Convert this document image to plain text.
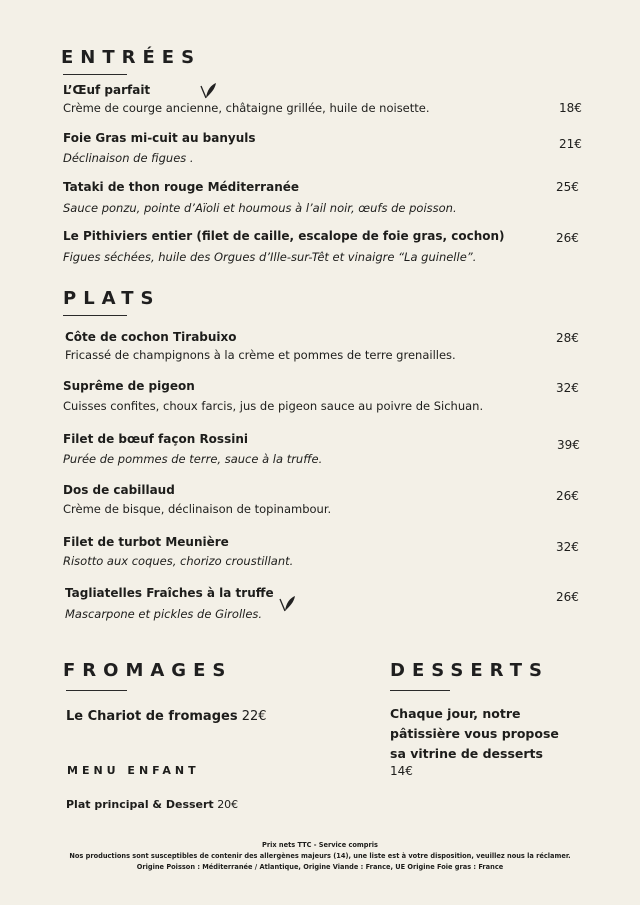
ENTRÉES
L’Œuf parfait
Crème de courge ancienne, châtaigne grillée, huile de noisette.	18€
Foie Gras mi-cuit au banyuls
Déclinaison de figues .
21€
Tataki de thon rouge Méditerranée
Sauce ponzu, pointe d’Aïoli et houmous à l’ail noir, œufs de poisson.
25€
Le Pithiviers entier (filet de caille, escalope de foie gras, cochon)
Figues séchées, huile des Orgues d’Ille-sur-Têt et vinaigre “La guinelle”.
26€
PLATS
Côte de cochon Tirabuixo
Fricassé de champignons à la crème et pommes de terre grenailles.
28€
Suprême de pigeon
Cuisses confites, choux farcis, jus de pigeon sauce au poivre de Sichuan.
32€
Filet de bœuf façon Rossini
Purée de pommes de terre, sauce à la truffe.
39€
Dos de cabillaud
Crème de bisque, déclinaison de topinambour.
26€
Filet de turbot Meunière
Risotto aux coques, chorizo croustillant.
32€
Tagliatelles Fraîches à la truffe
Mascarpone et pickles de Girolles.
26€
FROMAGES
Le Chariot de fromages 22€
MENU ENFANT
Plat principal & Dessert 20€
DESSERTS
Chaque jour, notre
pâtissière vous propose
sa vitrine de desserts
14€
Prix nets TTC - Service compris
Nos productions sont susceptibles de contenir des allergènes majeurs (14), une liste est à votre disposition, veuillez nous la réclamer.
Origine Poisson : Méditerranée / Atlantique, Origine Viande : France, UE Origine Foie gras : France
